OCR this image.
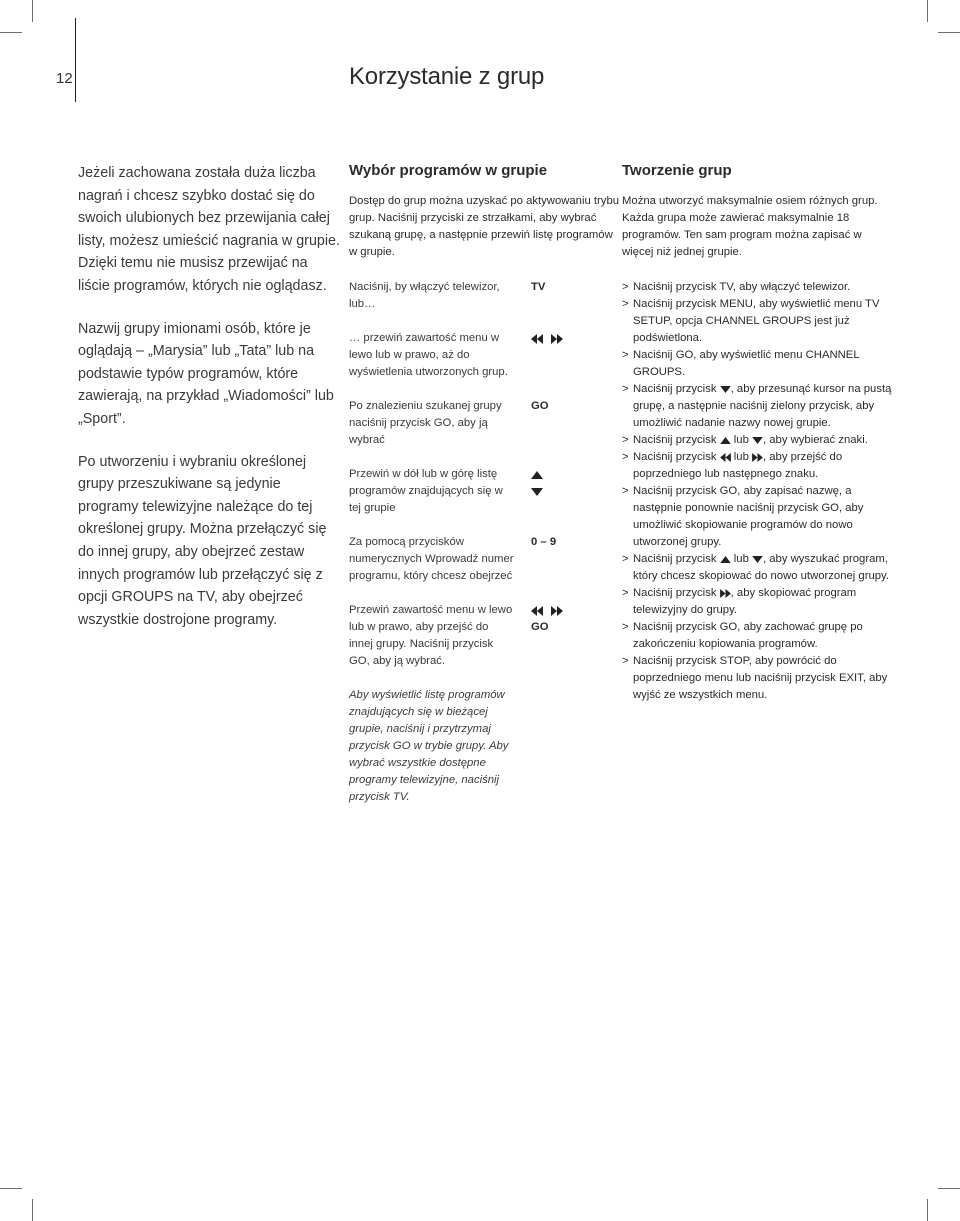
12	Korzystanie z grup

Jeżeli zachowana została duża liczba nagrań i chcesz szybko dostać się do swoich ulubionych bez przewijania całej listy, możesz umieścić nagrania w grupie. Dzięki temu nie musisz przewijać na liście programów, których nie oglądasz.

Nazwij grupy imionami osób, które je oglądają – „Marysia” lub „Tata” lub na podstawie typów programów, które zawierają, na przykład „Wiadomości” lub „Sport”.

Po utworzeniu i wybraniu określonej grupy przeszukiwane są jedynie programy telewizyjne należące do tej określonej grupy. Można przełączyć się do innej grupy, aby obejrzeć zestaw innych programów lub przełączyć się z opcji GROUPS na TV, aby obejrzeć wszystkie dostrojone programy.

Wybór programów w grupie
Dostęp do grup można uzyskać po aktywowaniu trybu grup. Naciśnij przyciski ze strzałkami, aby wybrać szukaną grupę, a następnie przewiń listę programów w grupie.
Naciśnij, by włączyć telewizor, lub…
TV
… przewiń zawartość menu w lewo lub w prawo, aż do wyświetlenia utworzonych grup.
Po znalezieniu szukanej grupy naciśnij przycisk GO, aby ją wybrać
GO
Przewiń w dół lub w górę listę programów znajdujących się w tej grupie
Za pomocą przycisków numerycznych Wprowadź numer programu, który chcesz obejrzeć
0 – 9
Przewiń zawartość menu w lewo lub w prawo, aby przejść do innej grupy. Naciśnij przycisk GO, aby ją wybrać.
GO
Aby wyświetlić listę programów znajdujących się w bieżącej grupie, naciśnij i przytrzymaj przycisk GO w trybie grupy. Aby wybrać wszystkie dostępne programy telewizyjne, naciśnij przycisk TV.
Tworzenie grup
Można utworzyć maksymalnie osiem różnych grup. Każda grupa może zawierać maksymalnie 18 programów. Ten sam program można zapisać w więcej niż jednej grupie.
> Naciśnij przycisk TV, aby włączyć telewizor.
> Naciśnij przycisk MENU, aby wyświetlić menu TV SETUP, opcja CHANNEL GROUPS jest już podświetlona.
> Naciśnij GO, aby wyświetlić menu CHANNEL GROUPS.
> Naciśnij przycisk , aby przesunąć kursor na pustą grupę, a następnie naciśnij zielony przycisk, aby umożliwić nadanie nazwy nowej grupie.
> Naciśnij przycisk lub , aby wybierać znaki.
> Naciśnij przycisk lub , aby przejść do poprzedniego lub następnego znaku.
> Naciśnij przycisk GO, aby zapisać nazwę, a następnie ponownie naciśnij przycisk GO, aby umożliwić skopiowanie programów do nowo utworzonej grupy.
> Naciśnij przycisk lub , aby wyszukać program, który chcesz skopiować do nowo utworzonej grupy.
> Naciśnij przycisk , aby skopiować program telewizyjny do grupy.
> Naciśnij przycisk GO, aby zachować grupę po zakończeniu kopiowania programów.
> Naciśnij przycisk STOP, aby powrócić do poprzedniego menu lub naciśnij przycisk EXIT, aby wyjść ze wszystkich menu.
